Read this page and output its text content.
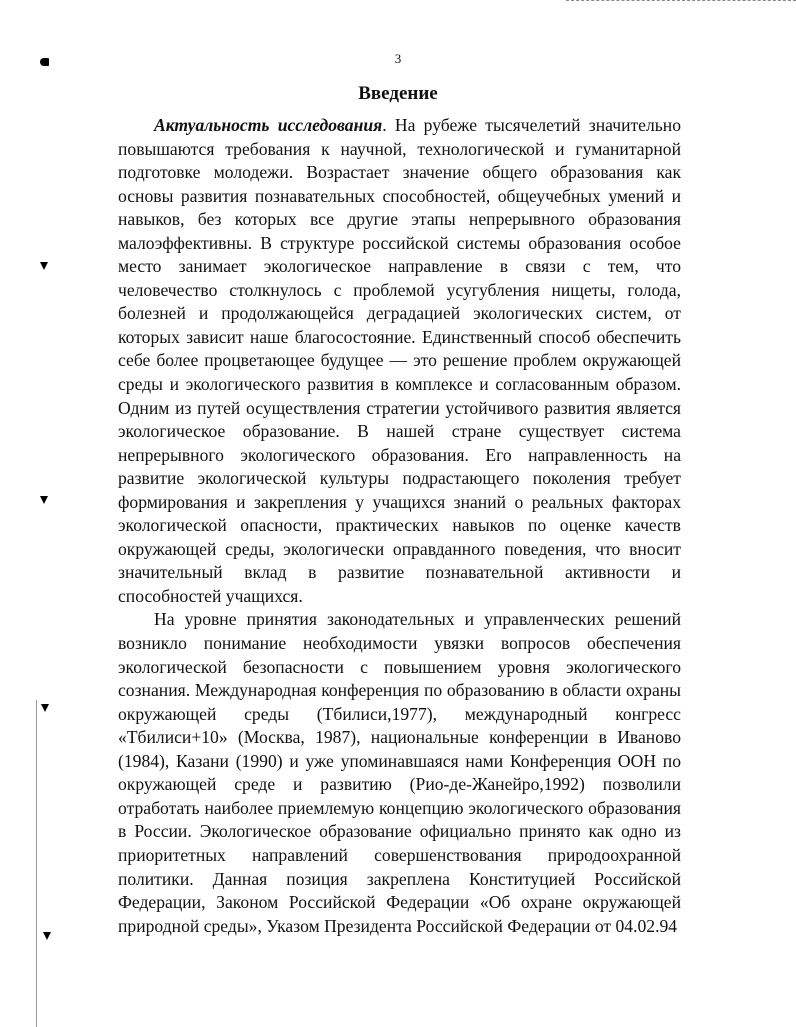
3
Введение

Актуальность исследования. На рубеже тысячелетий значительно повышаются требования к научной, технологической и гуманитарной подготовке молодежи. Возрастает значение общего образования как основы развития познавательных способностей, общеучебных умений и навыков, без которых все другие этапы непрерывного образования малоэффективны. В структуре российской системы образования особое место занимает экологическое направление в связи с тем, что человечество столкнулось с проблемой усугубления нищеты, голода, болезней и продолжающейся деградацией экологических систем, от которых зависит наше благосостояние. Единственный способ обеспечить себе более процветающее будущее — это решение проблем окружающей среды и экологического развития в комплексе и согласованным образом. Одним из путей осуществления стратегии устойчивого развития является экологическое образование. В нашей стране существует система непрерывного экологического образования. Его направленность на развитие экологической культуры подрастающего поколения требует формирования и закрепления у учащихся знаний о реальных факторах экологической опасности, практических навыков по оценке качеств окружающей среды, экологически оправданного поведения, что вносит значительный вклад в развитие познавательной активности и способностей учащихся.

На уровне принятия законодательных и управленческих решений возникло понимание необходимости увязки вопросов обеспечения экологической безопасности с повышением уровня экологического сознания. Международная конференция по образованию в области охраны окружающей среды (Тбилиси,1977), международный конгресс «Тбилиси+10» (Москва, 1987), национальные конференции в Иваново (1984), Казани (1990) и уже упоминавшаяся нами Конференция ООН по окружающей среде и развитию (Рио-де-Жанейро,1992) позволили отработать наиболее приемлемую концепцию экологического образования в России. Экологическое образование официально принято как одно из приоритетных направлений совершенствования природоохранной политики. Данная позиция закреплена Конституцией Российской Федерации, Законом Российской Федерации «Об охране окружающей природной среды», Указом Президента Российской Федерации от 04.02.94
